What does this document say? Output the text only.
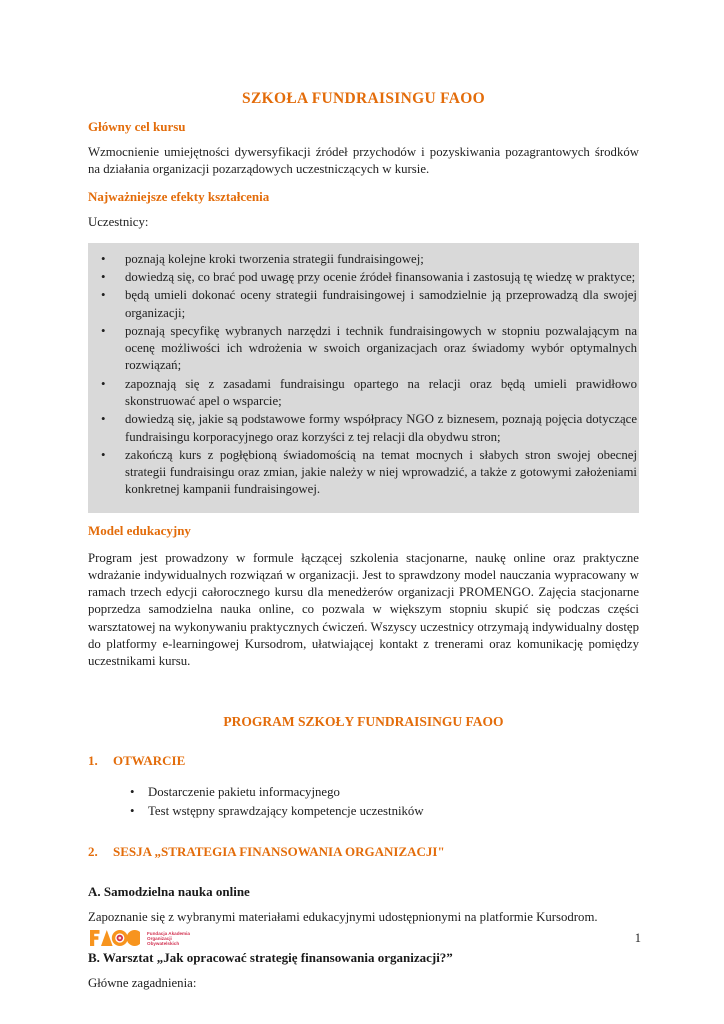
SZKOŁA FUNDRAISINGU FAOO
Główny cel kursu

Wzmocnienie umiejętności dywersyfikacji źródeł przychodów i pozyskiwania pozagrantowych środków na działania organizacji pozarządowych uczestniczących w kursie.

Najważniejsze efekty kształcenia

Uczestnicy:

• poznają kolejne kroki tworzenia strategii fundraisingowej;
• dowiedzą się, co brać pod uwagę przy ocenie źródeł finansowania i zastosują tę wiedzę w praktyce;
• będą umieli dokonać oceny strategii fundraisingowej i samodzielnie ją przeprowadzą dla swojej organizacji;
• poznają specyfikę wybranych narzędzi i technik fundraisingowych w stopniu pozwalającym na ocenę możliwości ich wdrożenia w swoich organizacjach oraz świadomy wybór optymalnych rozwiązań;
• zapoznają się z zasadami fundraisingu opartego na relacji oraz będą umieli prawidłowo skonstruować apel o wsparcie;
• dowiedzą się, jakie są podstawowe formy współpracy NGO z biznesem, poznają pojęcia dotyczące fundraisingu korporacyjnego oraz korzyści z tej relacji dla obydwu stron;
• zakończą kurs z pogłębioną świadomością na temat mocnych i słabych stron swojej obecnej strategii fundraisingu oraz zmian, jakie należy w niej wprowadzić, a także z gotowymi założeniami konkretnej kampanii fundraisingowej.
Model edukacyjny

Program jest prowadzony w formule łączącej szkolenia stacjonarne, naukę online oraz praktyczne wdrażanie indywidualnych rozwiązań w organizacji. Jest to sprawdzony model nauczania wypracowany w ramach trzech edycji całorocznego kursu dla menedżerów organizacji PROMENGO. Zajęcia stacjonarne poprzedza samodzielna nauka online, co pozwala w większym stopniu skupić się podczas części warsztatowej na wykonywaniu praktycznych ćwiczeń. Wszyscy uczestnicy otrzymają indywidualny dostęp do platformy e-learningowej Kursodrom, ułatwiającej kontakt z trenerami oraz komunikację pomiędzy uczestnikami kursu.

PROGRAM SZKOŁY FUNDRAISINGU FAOO
1.	OTWARCIE
• Dostarczenie pakietu informacyjnego
• Test wstępny sprawdzający kompetencje uczestników
2.	SESJA „STRATEGIA FINANSOWANIA ORGANIZACJI"
A. Samodzielna nauka online

Zapoznanie się z wybranymi materiałami edukacyjnymi udostępnionymi na platformie Kursodrom.

B. Warsztat „Jak opracować strategię finansowania organizacji?”

Główne zagadnienia:

Fundacja Akademia
Organizacji
Obywatelskich	1
